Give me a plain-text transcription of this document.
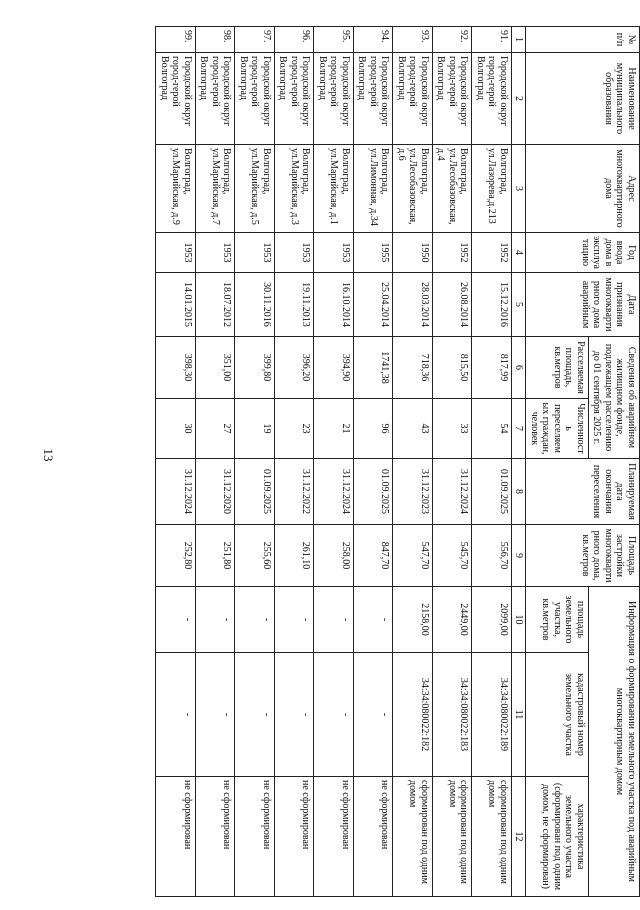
13
№ п/п	Наименование муниципального образования	Адрес многоквартирного дома	Год ввода дома в эксплуатацию	Дата признания многоквартирного дома аварийным	Сведения об аварийном жилищном фонде, подлежащем расселению до 01 сентября 2025 г.		Планируемая дата окончания переселения	Площадь застройки многоквартирного дома, кв.метров	Информация о формировании земельного участка под аварийным многоквартирным домом		
					Расселяемая площадь, кв.метров	Численность переселяемых граждан, человек			площадь земельного участка, кв.метров	кадастровый номер земельного участка	характеристика земельного участка (сформирован под одним домом, не сформирован)
1	2	3	4	5	6	7	8	9	10	11	12
91.	Городской округ город-герой Волгоград	Волгоград, ул.Лазорева,д.213	1952	15.12.2016	817,99	54	01.09.2025	556,70	2099,00	34:34:080022:189	сформирован под одним домом
92.	Городской округ город-герой Волгоград	Волгоград, ул.Лесобазовская, д.4	1952	26.08.2014	815,50	33	31.12.2024	545,70	2449,00	34:34:080022:183	сформирован под одним домом
93.	Городской округ город-герой Волгоград	Волгоград, ул.Лесобазовская, д.6	1950	28.03.2014	718,36	43	31.12.2023	547,70	2158,00	34:34:080022:182	сформирован под одним домом
94.	Городской округ город-герой Волгоград	Волгоград, ул.Лимонная, д.34	1955	25.04.2014	1741,38	96	01.09.2025	847,70	-	-	не сформирован
95.	Городской округ город-герой Волгоград	Волгоград, ул.Марийская, д.1	1953	16.10.2014	394,90	21	31.12.2024	258,00	-	-	не сформирован
96.	Городской округ город-герой Волгоград	Волгоград, ул.Марийская, д.3	1953	19.11.2013	396,20	23	31.12.2022	261,10	-	-	не сформирован
97.	Городской округ город-герой Волгоград	Волгоград, ул.Марийская, д.5	1953	30.11.2016	399,80	19	01.09.2025	255,60	-	-	не сформирован
98.	Городской округ город-герой Волгоград	Волгоград, ул.Марийская, д.7	1953	18.07.2012	351,00	27	31.12.2020	251,80	-	-	не сформирован
99.	Городской округ город-герой Волгоград	Волгоград, ул.Марийская, д.9	1953	14.01.2015	398,30	30	31.12.2024	252,80	-	-	не сформирован
